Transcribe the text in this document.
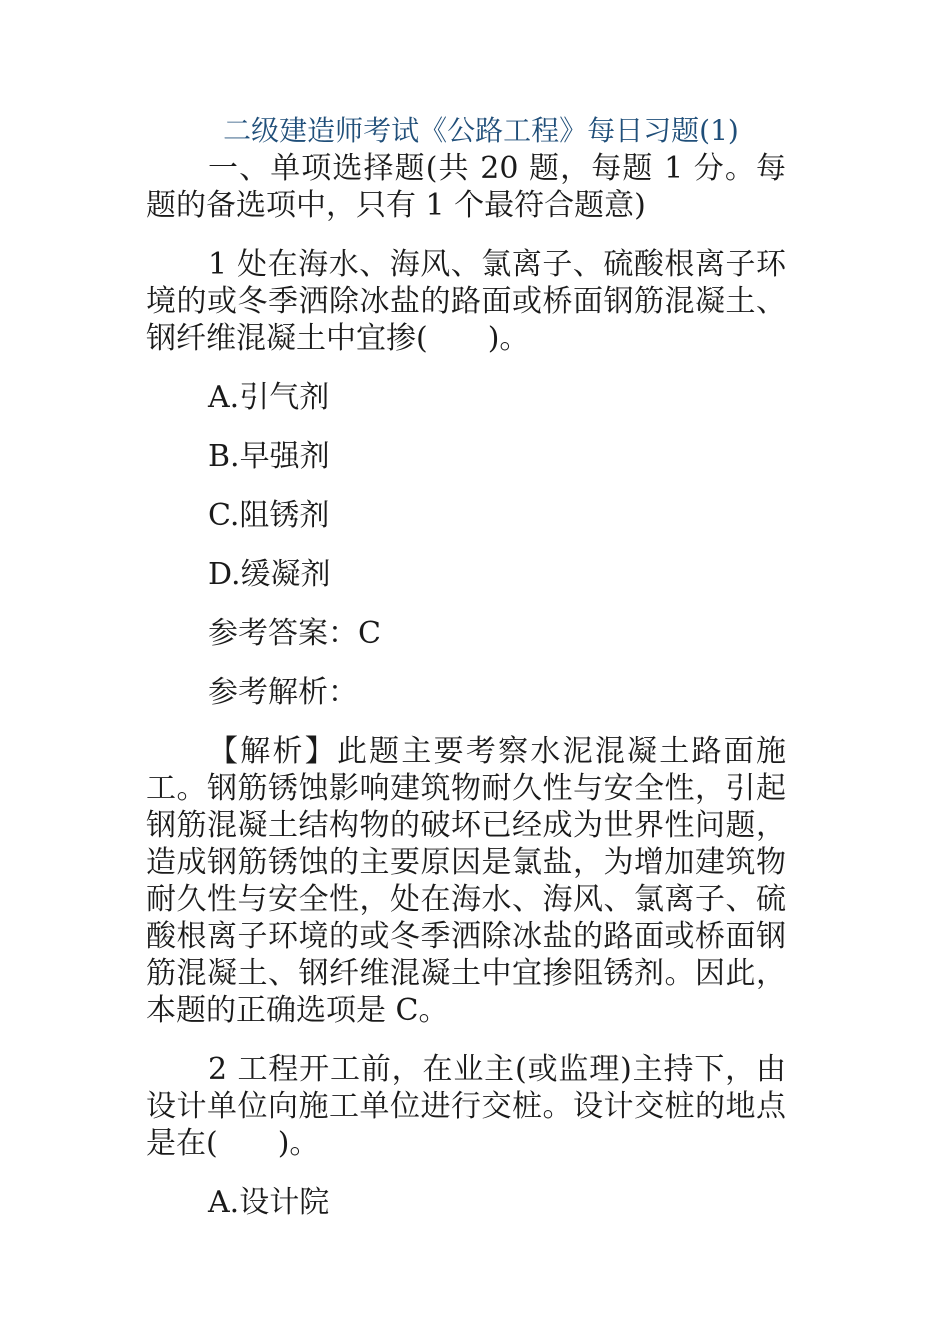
二级建造师考试《公路工程》每日习题(1)

一、单项选择题(共 20 题，每题 1 分。每题的备选项中，只有 1 个最符合题意)

1 处在海水、海风、氯离子、硫酸根离子环境的或冬季洒除冰盐的路面或桥面钢筋混凝土、钢纤维混凝土中宜掺(　　)。

A.引气剂

B.早强剂

C.阻锈剂

D.缓凝剂

参考答案：C

参考解析：

【解析】此题主要考察水泥混凝土路面施工。钢筋锈蚀影响建筑物耐久性与安全性，引起钢筋混凝土结构物的破坏已经成为世界性问题，造成钢筋锈蚀的主要原因是氯盐，为增加建筑物耐久性与安全性，处在海水、海风、氯离子、硫酸根离子环境的或冬季洒除冰盐的路面或桥面钢筋混凝土、钢纤维混凝土中宜掺阻锈剂。因此，本题的正确选项是 C。

2 工程开工前，在业主(或监理)主持下，由设计单位向施工单位进行交桩。设计交桩的地点是在(　　)。

A.设计院
